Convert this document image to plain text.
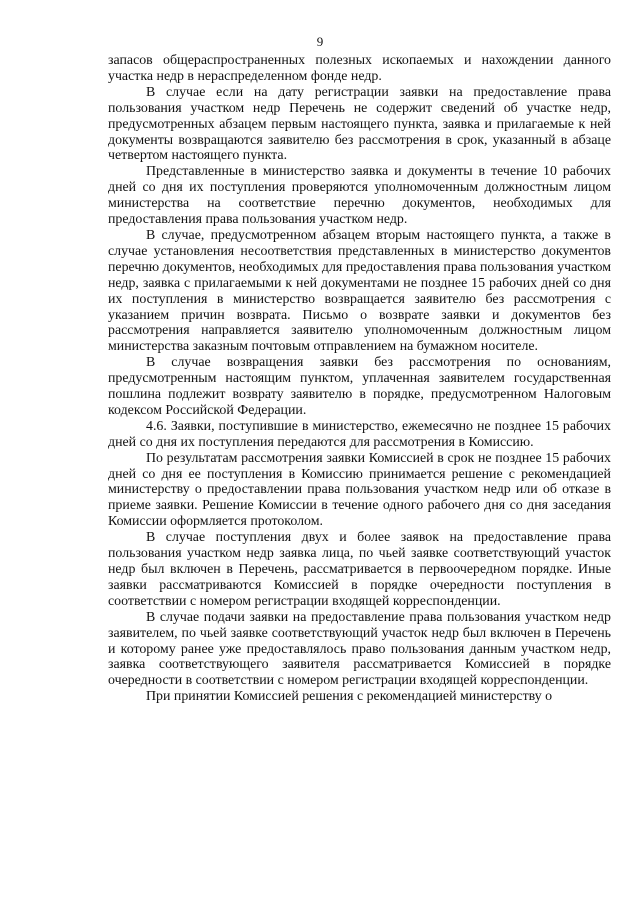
9

запасов общераспространенных полезных ископаемых и нахождении данного участка недр в нераспределенном фонде недр.

В случае если на дату регистрации заявки на предоставление права пользования участком недр Перечень не содержит сведений об участке недр, предусмотренных абзацем первым настоящего пункта, заявка и прилагаемые к ней документы возвращаются заявителю без рассмотрения в срок, указанный в абзаце четвертом настоящего пункта.

Представленные в министерство заявка и документы в течение 10 рабочих дней со дня их поступления проверяются уполномоченным должностным лицом министерства на соответствие перечню документов, необходимых для предоставления права пользования участком недр.

В случае, предусмотренном абзацем вторым настоящего пункта, а также в случае установления несоответствия представленных в министерство документов перечню документов, необходимых для предоставления права пользования участком недр, заявка с прилагаемыми к ней документами не позднее 15 рабочих дней со дня их поступления в министерство возвращается заявителю без рассмотрения с указанием причин возврата. Письмо о возврате заявки и документов без рассмотрения направляется заявителю уполномоченным должностным лицом министерства заказным почтовым отправлением на бумажном носителе.

В случае возвращения заявки без рассмотрения по основаниям, предусмотренным настоящим пунктом, уплаченная заявителем государственная пошлина подлежит возврату заявителю в порядке, предусмотренном Налоговым кодексом Российской Федерации.

4.6. Заявки, поступившие в министерство, ежемесячно не позднее 15 рабочих дней со дня их поступления передаются для рассмотрения в Комиссию.

По результатам рассмотрения заявки Комиссией в срок не позднее 15 рабочих дней со дня ее поступления в Комиссию принимается решение с рекомендацией министерству о предоставлении права пользования участком недр или об отказе в приеме заявки. Решение Комиссии в течение одного рабочего дня со дня заседания Комиссии оформляется протоколом.

В случае поступления двух и более заявок на предоставление права пользования участком недр заявка лица, по чьей заявке соответствующий участок недр был включен в Перечень, рассматривается в первоочередном порядке. Иные заявки рассматриваются Комиссией в порядке очередности поступления в соответствии с номером регистрации входящей корреспонденции.

В случае подачи заявки на предоставление права пользования участком недр заявителем, по чьей заявке соответствующий участок недр был включен в Перечень и которому ранее уже предоставлялось право пользования данным участком недр, заявка соответствующего заявителя рассматривается Комиссией в порядке очередности в соответствии с номером регистрации входящей корреспонденции.

При принятии Комиссией решения с рекомендацией министерству о
